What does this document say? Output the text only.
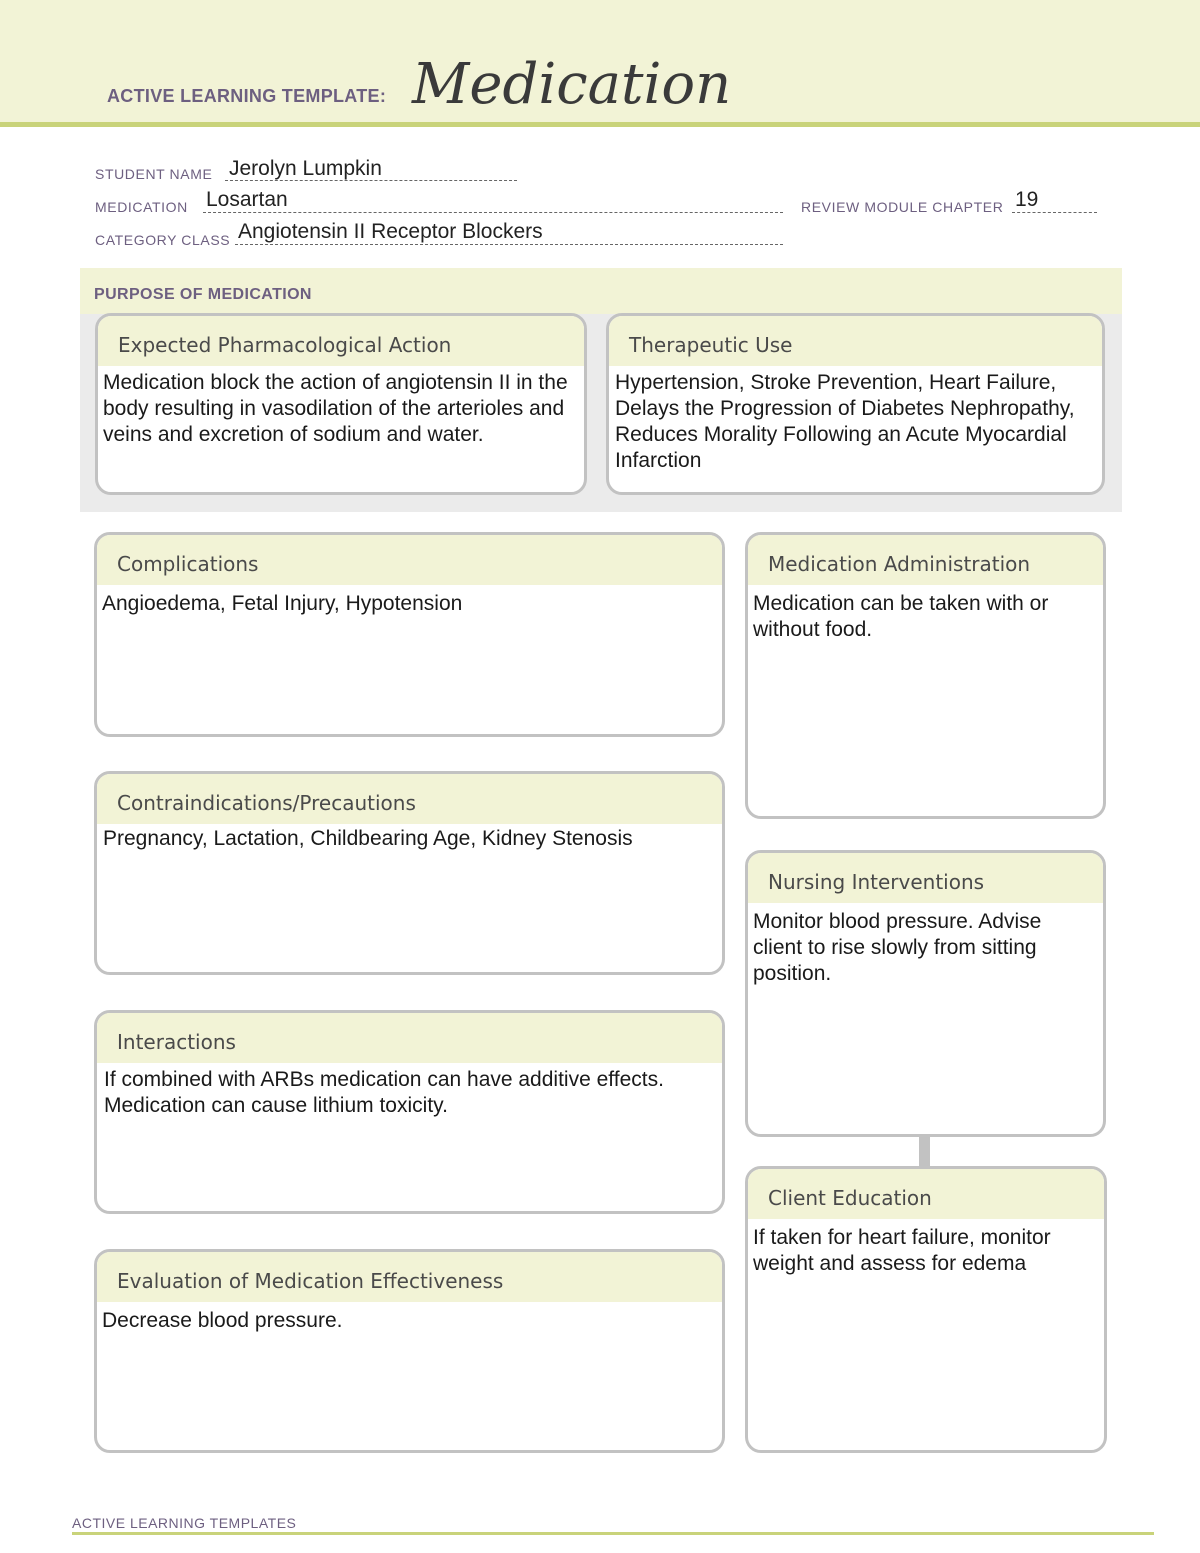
ACTIVE LEARNING TEMPLATE: Medication
STUDENT NAME Jerolyn Lumpkin
MEDICATION Losartan	REVIEW MODULE CHAPTER 19
CATEGORY CLASS Angiotensin II Receptor Blockers
PURPOSE OF MEDICATION
Expected Pharmacological Action
Medication block the action of angiotensin II in the body resulting in vasodilation of the arterioles and veins and excretion of sodium and water.
Therapeutic Use
Hypertension, Stroke Prevention, Heart Failure, Delays the Progression of Diabetes Nephropathy, Reduces Morality Following an Acute Myocardial Infarction
Complications
Angioedema, Fetal Injury, Hypotension
Contraindications/Precautions
Pregnancy, Lactation, Childbearing Age, Kidney Stenosis
Interactions
If combined with ARBs medication can have additive effects. Medication can cause lithium toxicity.
Evaluation of Medication Effectiveness
Decrease blood pressure.
Medication Administration
Medication can be taken with or without food.
Nursing Interventions
Monitor blood pressure. Advise client to rise slowly from sitting position.
Client Education
If taken for heart failure, monitor weight and assess for edema
ACTIVE LEARNING TEMPLATES
